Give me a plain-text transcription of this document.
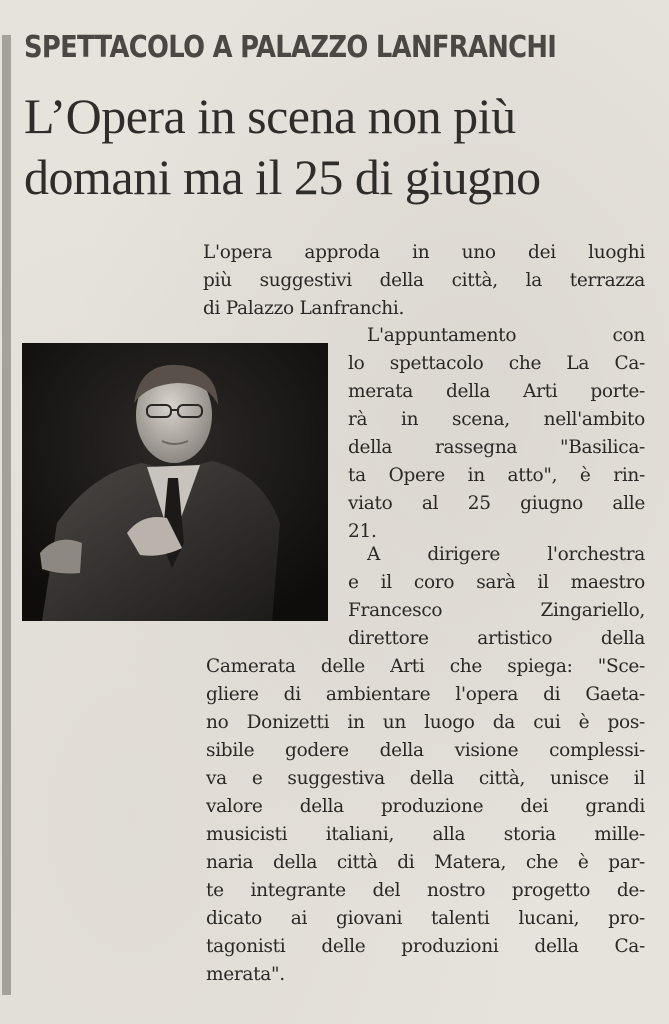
SPETTACOLO A PALAZZO LANFRANCHI
L’Opera in scena non più
domani ma il 25 di giugno
L'opera approda in uno dei luoghi
più suggestivi della città, la terrazza
di Palazzo Lanfranchi.
L'appuntamento con
lo spettacolo che La Ca-
merata della Arti porte-
rà in scena, nell'ambito
della rassegna "Basilica-
ta Opere in atto", è rin-
viato al 25 giugno alle
21.
A dirigere l'orchestra
e il coro sarà il maestro
Francesco Zingariello,
direttore artistico della
Camerata delle Arti che spiega: "Sce-
gliere di ambientare l'opera di Gaeta-
no Donizetti in un luogo da cui è pos-
sibile godere della visione complessi-
va e suggestiva della città, unisce il
valore della produzione dei grandi
musicisti italiani, alla storia mille-
naria della città di Matera, che è par-
te integrante del nostro progetto de-
dicato ai giovani talenti lucani, pro-
tagonisti delle produzioni della Ca-
merata".
